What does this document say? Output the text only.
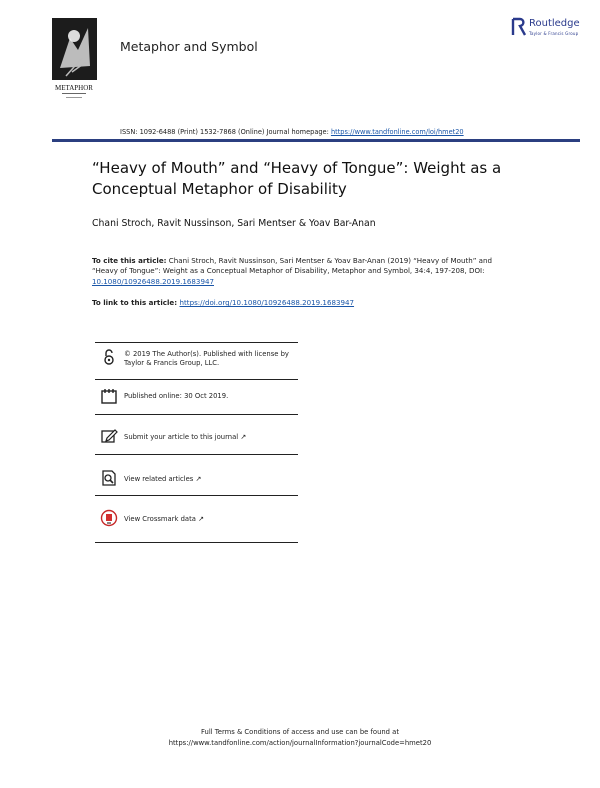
METAPHOR
Metaphor and Symbol
Routledge
Taylor & Francis Group
ISSN: 1092-6488 (Print) 1532-7868 (Online) Journal homepage: https://www.tandfonline.com/loi/hmet20
“Heavy of Mouth” and “Heavy of Tongue”: Weight as a Conceptual Metaphor of Disability
Chani Stroch, Ravit Nussinson, Sari Mentser & Yoav Bar-Anan
To cite this article: Chani Stroch, Ravit Nussinson, Sari Mentser & Yoav Bar-Anan (2019) “Heavy of Mouth” and “Heavy of Tongue”: Weight as a Conceptual Metaphor of Disability, Metaphor and Symbol, 34:4, 197-208, DOI: 10.1080/10926488.2019.1683947
To link to this article: https://doi.org/10.1080/10926488.2019.1683947
© 2019 The Author(s). Published with license by Taylor & Francis Group, LLC.
Published online: 30 Oct 2019.
Submit your article to this journal ↗
View related articles ↗
View Crossmark data ↗
Full Terms & Conditions of access and use can be found at
https://www.tandfonline.com/action/journalInformation?journalCode=hmet20
